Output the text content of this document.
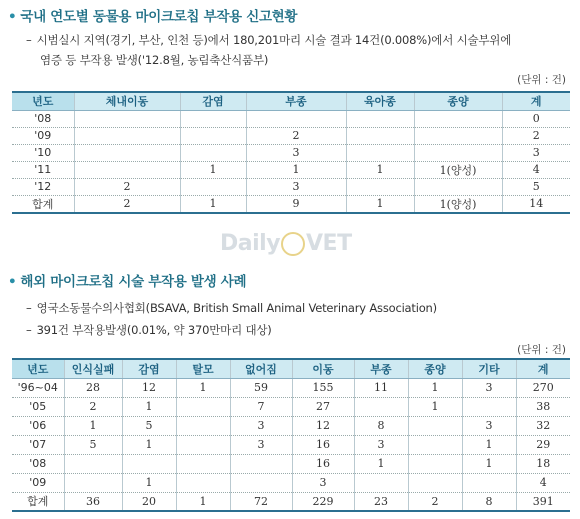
• 국내 연도별 동물용 마이크로칩 부작용 신고현황
– 시범실시 지역(경기, 부산, 인천 등)에서 180,201마리 시술 결과 14건(0.008%)에서 시술부위에
염증 등 부작용 발생('12.8월, 농림축산식품부)
(단위 : 건)
년도	체내이동	감염	부종	육아종	종양	계
'08						0
'09			2			2
'10			3			3
'11		1	1	1	1(양성)	4
'12	2		3			5
합계	2	1	9	1	1(양성)	14
Daily VET
• 해외 마이크로칩 시술 부작용 발생 사례
– 영국소동물수의사협회(BSAVA, British Small Animal Veterinary Association)
– 391건 부작용발생(0.01%, 약 370만마리 대상)
(단위 : 건)
년도	인식실패	감염	탈모	없어짐	이동	부종	종양	기타	계
'96~04	28	12	1	59	155	11	1	3	270
'05	2	1		7	27		1		38
'06	1	5		3	12	8		3	32
'07	5	1		3	16	3		1	29
'08					16	1		1	18
'09		1			3				4
합계	36	20	1	72	229	23	2	8	391
